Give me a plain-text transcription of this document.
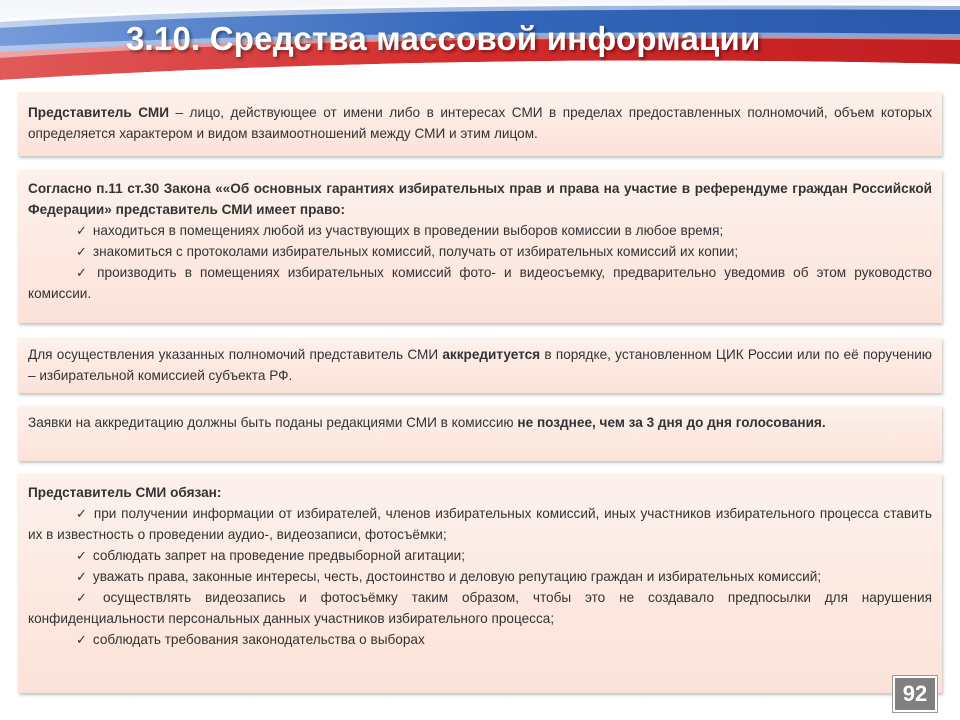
3.10. Средства массовой информации
Представитель СМИ – лицо, действующее от имени либо в интересах СМИ в пределах предоставленных полномочий, объем которых определяется характером и видом взаимоотношений между СМИ и этим лицом.
Согласно п.11 ст.30 Закона ««Об основных гарантиях избирательных прав и права на участие в референдуме граждан Российской Федерации» представитель СМИ имеет право:
✓ находиться в помещениях любой из участвующих в проведении выборов комиссии в любое время;
✓ знакомиться с протоколами избирательных комиссий, получать от избирательных комиссий их копии;
✓ производить в помещениях избирательных комиссий фото- и видеосъемку, предварительно уведомив об этом руководство комиссии.
Для осуществления указанных полномочий представитель СМИ аккредитуется в порядке, установленном ЦИК России или по её поручению – избирательной комиссией субъекта РФ.
Заявки на аккредитацию должны быть поданы редакциями СМИ в комиссию не позднее, чем за 3 дня до дня голосования.
Представитель СМИ обязан:
✓ при получении информации от избирателей, членов избирательных комиссий, иных участников избирательного процесса ставить их в известность о проведении аудио-, видеозаписи, фотосъёмки;
✓ соблюдать запрет на проведение предвыборной агитации;
✓ уважать права, законные интересы, честь, достоинство и деловую репутацию граждан и избирательных комиссий;
✓ осуществлять видеозапись и фотосъёмку таким образом, чтобы это не создавало предпосылки для нарушения конфиденциальности персональных данных участников избирательного процесса;
✓ соблюдать требования законодательства о выборах
92
